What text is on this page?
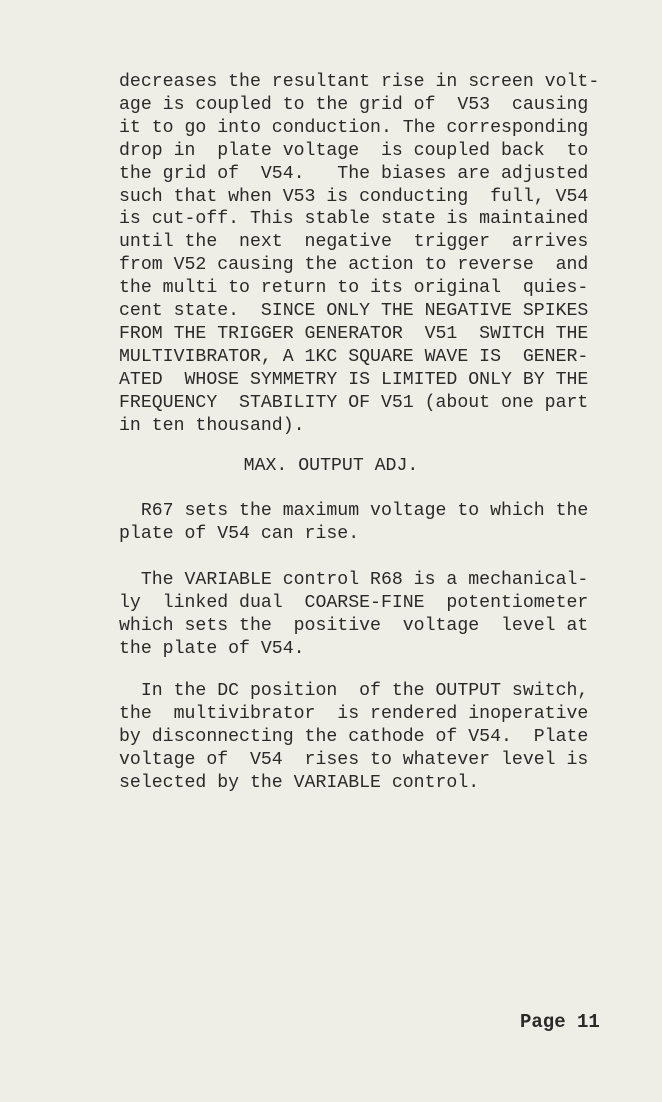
decreases the resultant rise in screen volt-
age is coupled to the grid of  V53  causing
it to go into conduction. The corresponding
drop in  plate voltage  is coupled back  to
the grid of  V54.   The biases are adjusted
such that when V53 is conducting  full, V54
is cut-off. This stable state is maintained
until the  next  negative  trigger  arrives
from V52 causing the action to reverse  and
the multi to return to its original  quies-
cent state.  SINCE ONLY THE NEGATIVE SPIKES
FROM THE TRIGGER GENERATOR  V51  SWITCH THE
MULTIVIBRATOR, A 1KC SQUARE WAVE IS  GENER-
ATED  WHOSE SYMMETRY IS LIMITED ONLY BY THE
FREQUENCY  STABILITY OF V51 (about one part
in ten thousand).
MAX. OUTPUT ADJ.
R67 sets the maximum voltage to which the
plate of V54 can rise.
The VARIABLE control R68 is a mechanical-
ly  linked dual  COARSE-FINE  potentiometer
which sets the  positive  voltage  level at
the plate of V54.
In the DC position  of the OUTPUT switch,
the  multivibrator  is rendered inoperative
by disconnecting the cathode of V54.  Plate
voltage of  V54  rises to whatever level is
selected by the VARIABLE control.
Page 11
